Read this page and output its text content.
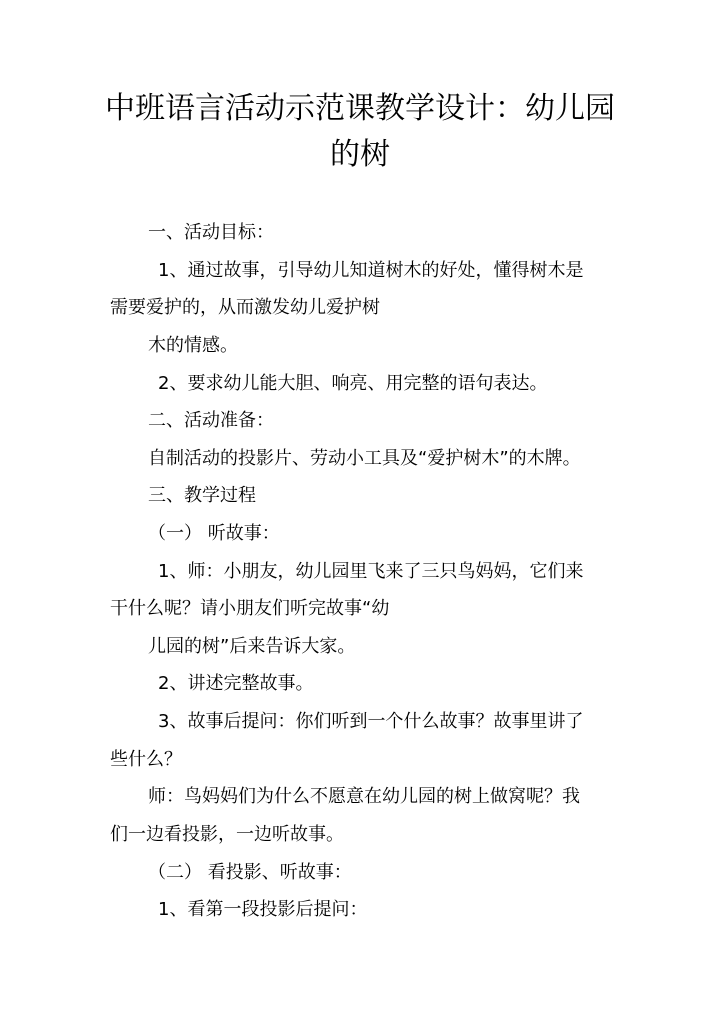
中班语言活动示范课教学设计：幼儿园
的树
一、活动目标：
1、通过故事，引导幼儿知道树木的好处，懂得树木是
需要爱护的，从而激发幼儿爱护树
木的情感。
2、要求幼儿能大胆、响亮、用完整的语句表达。
二、活动准备：
自制活动的投影片、劳动小工具及“爱护树木”的木牌。
三、教学过程
（一） 听故事：
1、师：小朋友，幼儿园里飞来了三只鸟妈妈，它们来
干什么呢？请小朋友们听完故事“幼
儿园的树”后来告诉大家。
2、讲述完整故事。
3、故事后提问：你们听到一个什么故事？故事里讲了
些什么？
师：鸟妈妈们为什么不愿意在幼儿园的树上做窝呢？我
们一边看投影，一边听故事。
（二） 看投影、听故事：
1、看第一段投影后提问：
